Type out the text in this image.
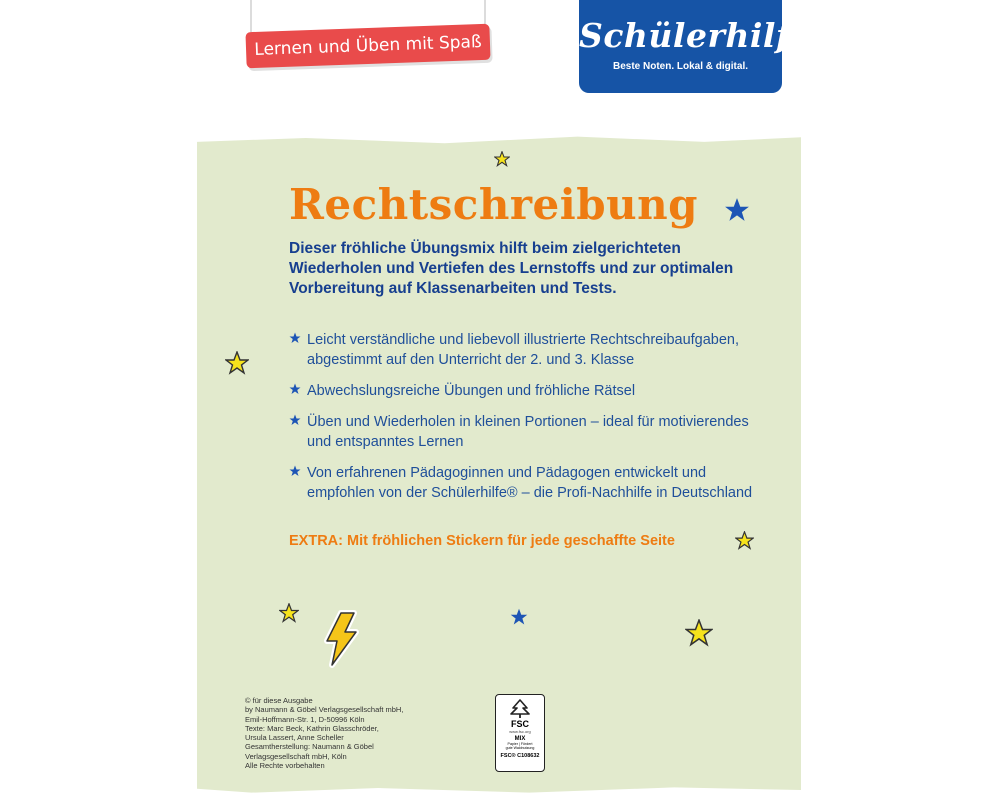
Lernen und Üben mit Spaß	Schülerhilfe!
Beste Noten. Lokal & digital.
Rechtschreibung

Dieser fröhliche Übungsmix hilft beim zielgerichteten Wiederholen und Vertiefen des Lernstoffs und zur optimalen Vorbereitung auf Klassenarbeiten und Tests.

Leicht verständliche und liebevoll illustrierte Rechtschreibaufgaben, abgestimmt auf den Unterricht der 2. und 3. Klasse
Abwechslungsreiche Übungen und fröhliche Rätsel
Üben und Wiederholen in kleinen Portionen – ideal für motivierendes und entspanntes Lernen
Von erfahrenen Pädagoginnen und Pädagogen entwickelt und empfohlen von der Schülerhilfe® – die Profi-Nachhilfe in Deutschland

EXTRA: Mit fröhlichen Stickern für jede geschaffte Seite

© für diese Ausgabe
by Naumann & Göbel Verlagsgesellschaft mbH,
Emil-Hoffmann-Str. 1, D-50996 Köln
Texte: Marc Beck, Kathrin Glasschröder,
Ursula Lassert, Anne Scheller
Gesamtherstellung: Naumann & Göbel
Verlagsgesellschaft mbH, Köln
Alle Rechte vorbehalten
FSC
www.fsc.org
MIX
Papier | Fördert
gute Waldnutzung
FSC® C108632
